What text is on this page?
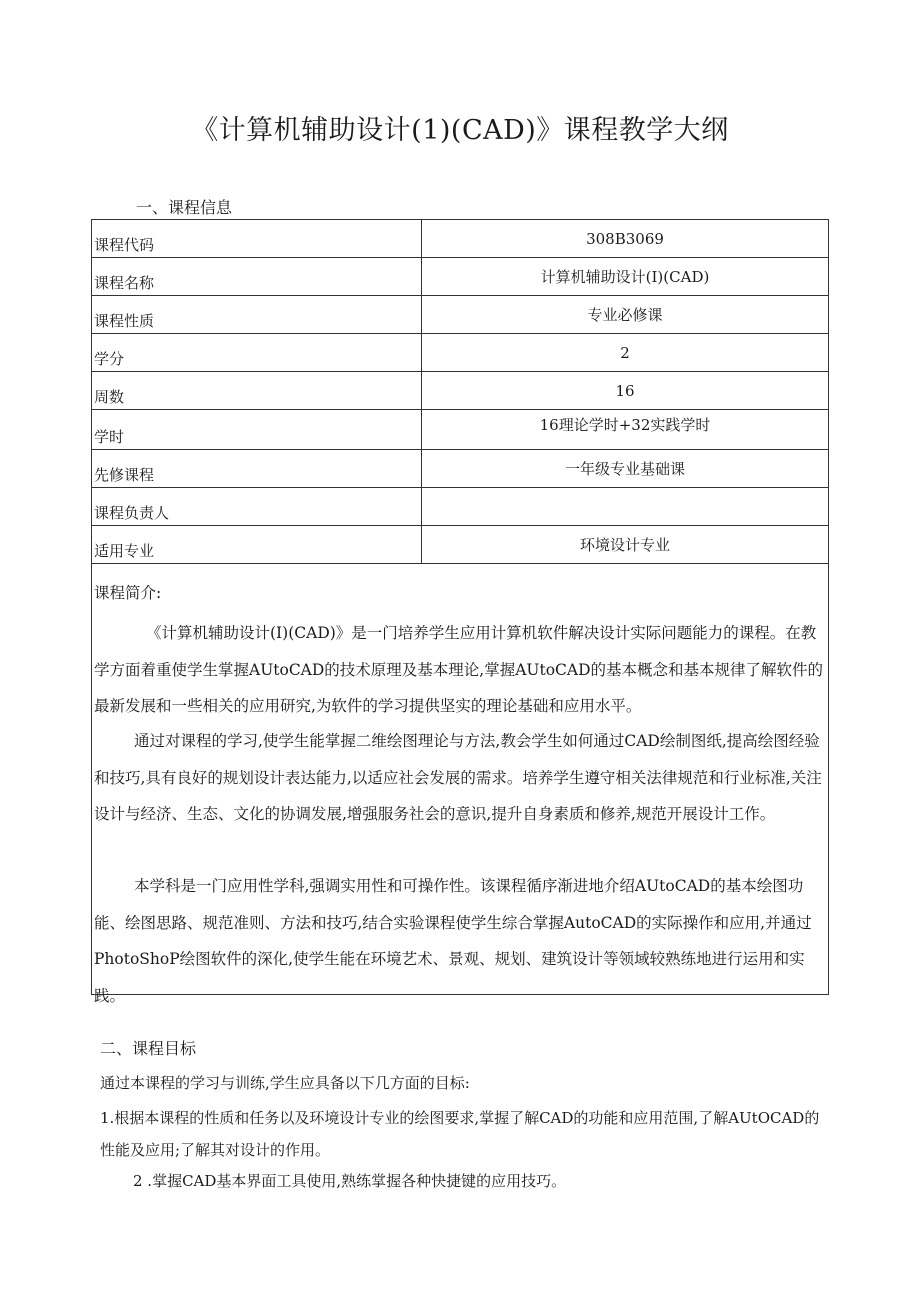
《计算机辅助设计(1)(CAD)》课程教学大纲
一、课程信息
课程代码	308B3069
课程名称	计算机辅助设计(I)(CAD)
课程性质	专业必修课
学分	2
周数	16
学时	16理论学时+32实践学时
先修课程	一年级专业基础课
课程负责人	
适用专业	环境设计专业
课程简介:

《计算机辅助设计(I)(CAD)》是一门培养学生应用计算机软件解决设计实际问题能力的课程。在教学方面着重使学生掌握AUtoCAD的技术原理及基本理论,掌握AUtoCAD的基本概念和基本规律了解软件的最新发展和一些相关的应用研究,为软件的学习提供坚实的理论基础和应用水平。

通过对课程的学习,使学生能掌握二维绘图理论与方法,教会学生如何通过CAD绘制图纸,提高绘图经验和技巧,具有良好的规划设计表达能力,以适应社会发展的需求。培养学生遵守相关法律规范和行业标准,关注设计与经济、生态、文化的协调发展,增强服务社会的意识,提升自身素质和修养,规范开展设计工作。

本学科是一门应用性学科,强调实用性和可操作性。该课程循序渐进地介绍AUtoCAD的基本绘图功能、绘图思路、规范准则、方法和技巧,结合实验课程使学生综合掌握AutoCAD的实际操作和应用,并通过PhotoShoP绘图软件的深化,使学生能在环境艺术、景观、规划、建筑设计等领域较熟练地进行运用和实践。

二、课程目标
通过本课程的学习与训练,学生应具备以下几方面的目标:

1.根据本课程的性质和任务以及环境设计专业的绘图要求,掌握了解CAD的功能和应用范围,了解AUtOCAD的性能及应用;了解其对设计的作用。

2 .掌握CAD基本界面工具使用,熟练掌握各种快捷键的应用技巧。
